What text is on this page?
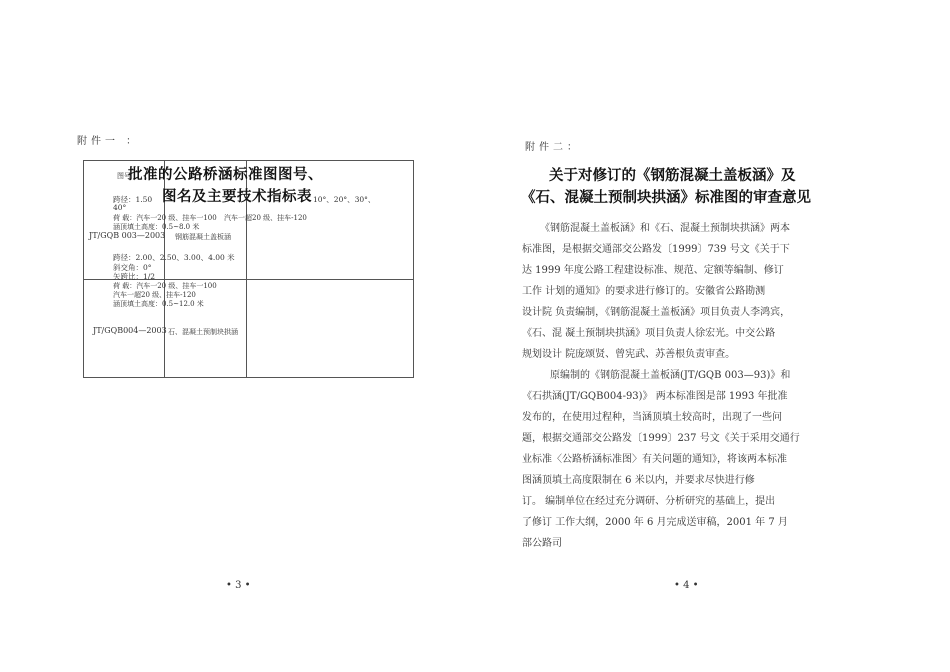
附件一 ：
图号
批准的公路桥涵标准图图号、
图名及主要技术指标表
跨径：1.50	10°、20°、30°、
40°
荷 载：汽车一20 级、挂车一100 汽车一超20 级、挂车-120
涵顶填土高度：0.5~8.0 米
JT/GQB 003—2003 钢筋混凝土盖板涵
跨径：2.00、2.50、3.00、4.00 米
斜交角：0°
矢跨比：1/2
荷 载：汽车一20 级、挂车一100
汽车一超20 级、挂车-120
涵顶填土高度：0.5~12.0 米
JT/GQB004—2003 石、混凝土预制块拱涵
• 3 •
附件二：
关于对修订的《钢筋混凝土盖板涵》及
《石、混凝土预制块拱涵》标准图的审查意见
《钢筋混凝土盖板涵》和《石、混凝土预制块拱涵》两本
标准图，是根据交通部交公路发〔1999〕739 号文《关于下
达 1999 年度公路工程建设标准、规范、定额等编制、修订
工作 计划的通知》的要求进行修订的。安徽省公路勘测
设计院 负责编制，《钢筋混凝土盖板涵》项目负责人李鸿宾，
《石、混 凝土预制块拱涵》项目负责人徐宏光。中交公路
规划设计 院庞颂贤、曾宪武、苏善根负责审查。
原编制的《钢筋混凝土盖板涵(JT/GQB 003—93)》和
《石拱涵(JT/GQB004-93)》 两本标准图是部 1993 年批准
发布的，在使用过程种，当涵顶填土较高时，出现了一些问
题，根据交通部交公路发〔1999〕237 号文《关于采用交通行
业标准〈公路桥涵标准图〉有关问题的通知》，将该两本标准
图涵顶填土高度限制在 6 米以内，并要求尽快进行修
订。 编制单位在经过充分调研、分析研究的基础上，提出
了修订 工作大纲，2000 年 6 月完成送审稿，2001 年 7 月
部公路司
• 4 •
